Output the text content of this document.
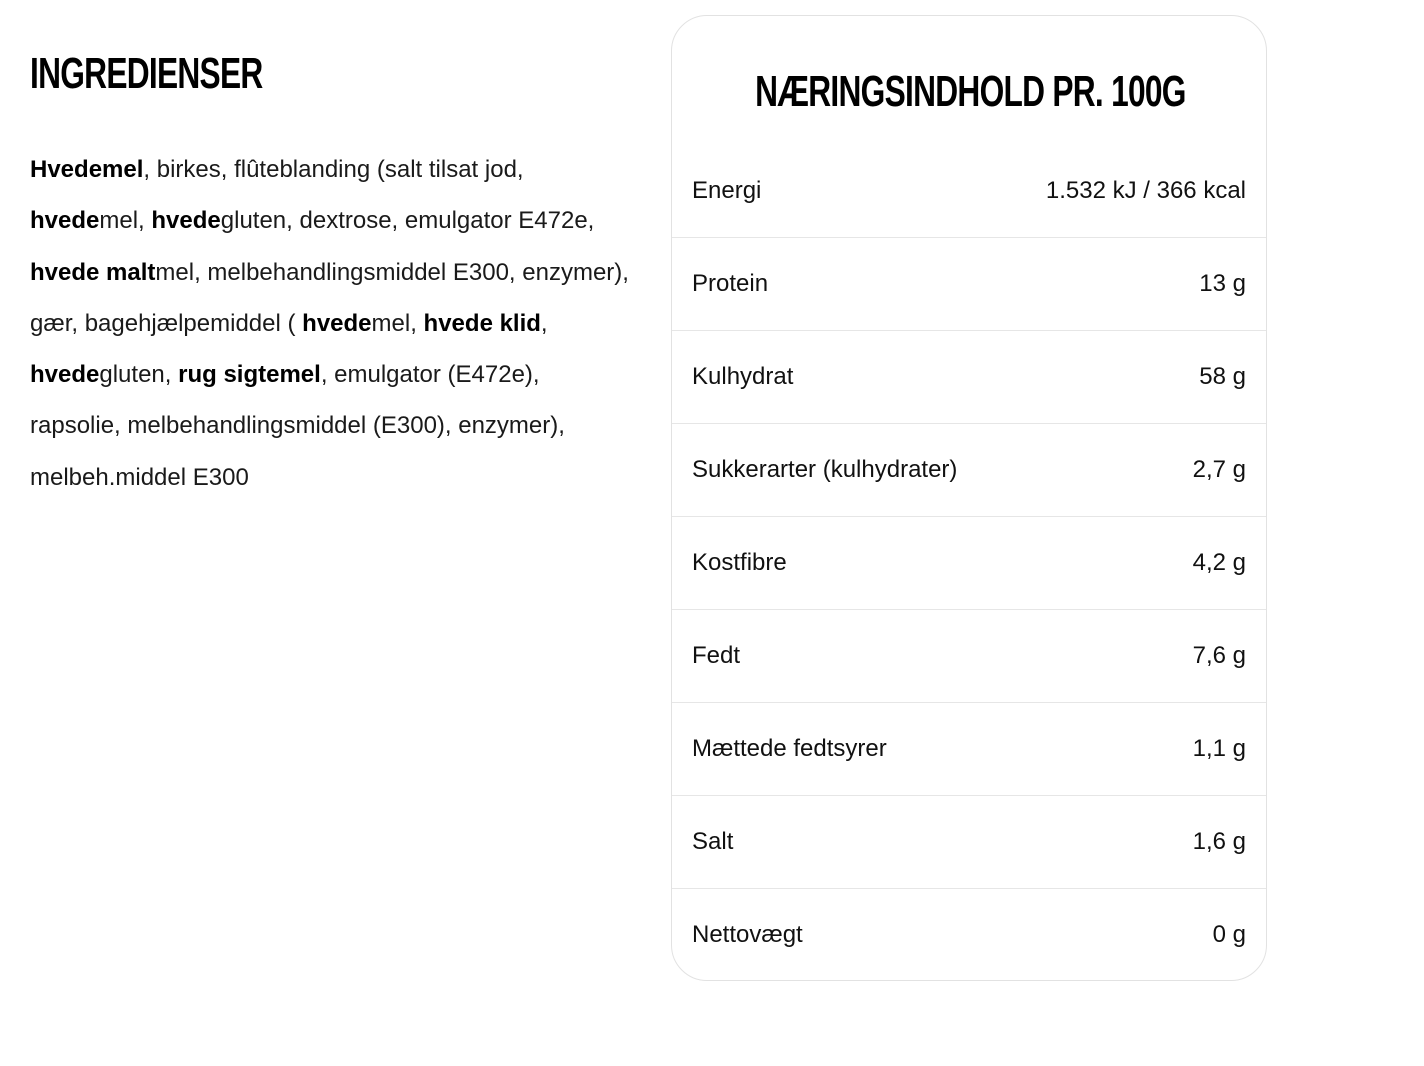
INGREDIENSER

Hvedemel, birkes, flûteblanding (salt tilsat jod, hvedemel, hvedegluten, dextrose, emulgator E472e, hvede maltmel, melbehandlingsmiddel E300, enzymer), gær, bagehjælpemiddel ( hvedemel, hvede klid, hvedegluten, rug sigtemel, emulgator (E472e), rapsolie, melbehandlingsmiddel (E300), enzymer), melbeh.middel E300

NÆRINGSINDHOLD PR. 100G
Energi	1.532 kJ / 366 kcal
Protein	13 g
Kulhydrat	58 g
Sukkerarter (kulhydrater)	2,7 g
Kostfibre	4,2 g
Fedt	7,6 g
Mættede fedtsyrer	1,1 g
Salt	1,6 g
Nettovægt	0 g
